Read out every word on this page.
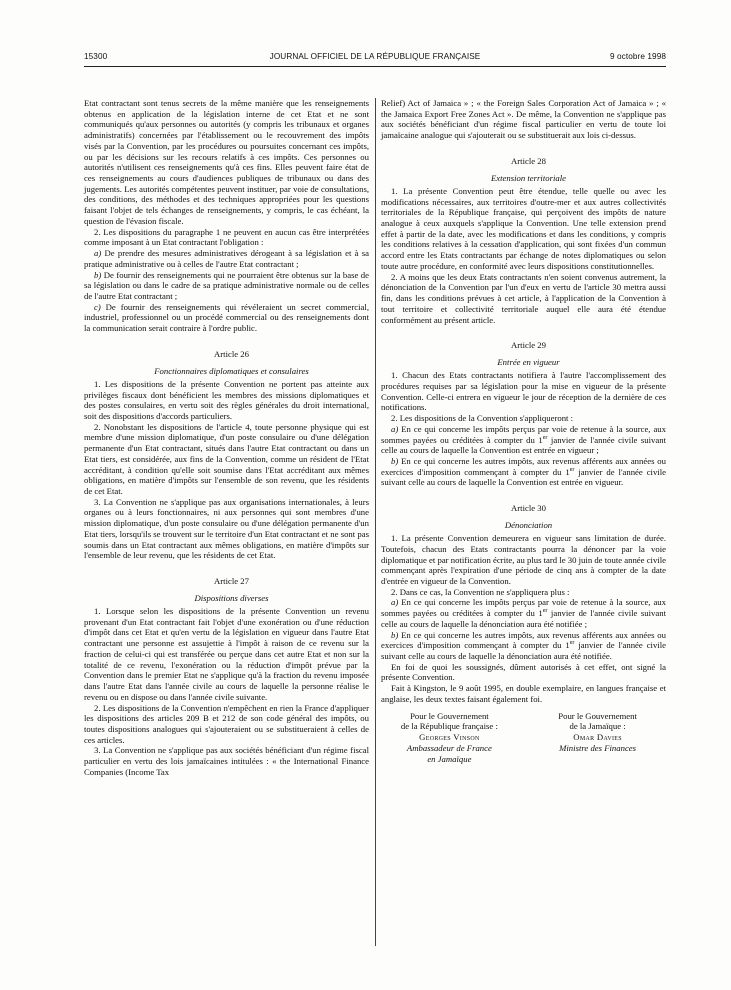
15300	JOURNAL OFFICIEL DE LA RÉPUBLIQUE FRANÇAISE	9 octobre 1998

Etat contractant sont tenus secrets de la même manière que les renseignements obtenus en application de la législation interne de cet Etat et ne sont communiqués qu'aux personnes ou autorités (y compris les tribunaux et organes administratifs) concernées par l'établissement ou le recouvrement des impôts visés par la Convention, par les procédures ou poursuites concernant ces impôts, ou par les décisions sur les recours relatifs à ces impôts. Ces personnes ou autorités n'utilisent ces renseignements qu'à ces fins. Elles peuvent faire état de ces renseignements au cours d'audiences publiques de tribunaux ou dans des jugements. Les autorités compétentes peuvent instituer, par voie de consultations, des conditions, des méthodes et des techniques appropriées pour les questions faisant l'objet de tels échanges de renseignements, y compris, le cas échéant, la question de l'évasion fiscale.

2. Les dispositions du paragraphe 1 ne peuvent en aucun cas être interprétées comme imposant à un Etat contractant l'obligation :

a) De prendre des mesures administratives dérogeant à sa législation et à sa pratique administrative ou à celles de l'autre Etat contractant ;

b) De fournir des renseignements qui ne pourraient être obtenus sur la base de sa législation ou dans le cadre de sa pratique administrative normale ou de celles de l'autre Etat contractant ;

c) De fournir des renseignements qui révéleraient un secret commercial, industriel, professionnel ou un procédé commercial ou des renseignements dont la communication serait contraire à l'ordre public.

Article 26

Fonctionnaires diplomatiques et consulaires

1. Les dispositions de la présente Convention ne portent pas atteinte aux privilèges fiscaux dont bénéficient les membres des missions diplomatiques et des postes consulaires, en vertu soit des règles générales du droit international, soit des dispositions d'accords particuliers.

2. Nonobstant les dispositions de l'article 4, toute personne physique qui est membre d'une mission diplomatique, d'un poste consulaire ou d'une délégation permanente d'un Etat contractant, situés dans l'autre Etat contractant ou dans un Etat tiers, est considérée, aux fins de la Convention, comme un résident de l'Etat accréditant, à condition qu'elle soit soumise dans l'Etat accréditant aux mêmes obligations, en matière d'impôts sur l'ensemble de son revenu, que les résidents de cet Etat.

3. La Convention ne s'applique pas aux organisations internationales, à leurs organes ou à leurs fonctionnaires, ni aux personnes qui sont membres d'une mission diplomatique, d'un poste consulaire ou d'une délégation permanente d'un Etat tiers, lorsqu'ils se trouvent sur le territoire d'un Etat contractant et ne sont pas soumis dans un Etat contractant aux mêmes obligations, en matière d'impôts sur l'ensemble de leur revenu, que les résidents de cet Etat.

Article 27

Dispositions diverses

1. Lorsque selon les dispositions de la présente Convention un revenu provenant d'un Etat contractant fait l'objet d'une exonération ou d'une réduction d'impôt dans cet Etat et qu'en vertu de la législation en vigueur dans l'autre Etat contractant une personne est assujettie à l'impôt à raison de ce revenu sur la fraction de celui-ci qui est transférée ou perçue dans cet autre Etat et non sur la totalité de ce revenu, l'exonération ou la réduction d'impôt prévue par la Convention dans le premier Etat ne s'applique qu'à la fraction du revenu imposée dans l'autre Etat dans l'année civile au cours de laquelle la personne réalise le revenu ou en dispose ou dans l'année civile suivante.

2. Les dispositions de la Convention n'empêchent en rien la France d'appliquer les dispositions des articles 209 B et 212 de son code général des impôts, ou toutes dispositions analogues qui s'ajouteraient ou se substitueraient à celles de ces articles.

3. La Convention ne s'applique pas aux sociétés bénéficiant d'un régime fiscal particulier en vertu des lois jamaïcaines intitulées : « the International Finance Companies (Income Tax

Relief) Act of Jamaica » ; « the Foreign Sales Corporation Act of Jamaica » ; « the Jamaica Export Free Zones Act ». De même, la Convention ne s'applique pas aux sociétés bénéficiant d'un régime fiscal particulier en vertu de toute loi jamaïcaine analogue qui s'ajouterait ou se substituerait aux lois ci-dessus.

Article 28

Extension territoriale

1. La présente Convention peut être étendue, telle quelle ou avec les modifications nécessaires, aux territoires d'outre-mer et aux autres collectivités territoriales de la République française, qui perçoivent des impôts de nature analogue à ceux auxquels s'applique la Convention. Une telle extension prend effet à partir de la date, avec les modifications et dans les conditions, y compris les conditions relatives à la cessation d'application, qui sont fixées d'un commun accord entre les Etats contractants par échange de notes diplomatiques ou selon toute autre procédure, en conformité avec leurs dispositions constitutionnelles.

2. A moins que les deux Etats contractants n'en soient convenus autrement, la dénonciation de la Convention par l'un d'eux en vertu de l'article 30 mettra aussi fin, dans les conditions prévues à cet article, à l'application de la Convention à tout territoire et collectivité territoriale auquel elle aura été étendue conformément au présent article.

Article 29

Entrée en vigueur

1. Chacun des Etats contractants notifiera à l'autre l'accomplissement des procédures requises par sa législation pour la mise en vigueur de la présente Convention. Celle-ci entrera en vigueur le jour de réception de la dernière de ces notifications.

2. Les dispositions de la Convention s'appliqueront :

a) En ce qui concerne les impôts perçus par voie de retenue à la source, aux sommes payées ou créditées à compter du 1er janvier de l'année civile suivant celle au cours de laquelle la Convention est entrée en vigueur ;

b) En ce qui concerne les autres impôts, aux revenus afférents aux années ou exercices d'imposition commençant à compter du 1er janvier de l'année civile suivant celle au cours de laquelle la Convention est entrée en vigueur.

Article 30

Dénonciation

1. La présente Convention demeurera en vigueur sans limitation de durée. Toutefois, chacun des Etats contractants pourra la dénoncer par la voie diplomatique et par notification écrite, au plus tard le 30 juin de toute année civile commençant après l'expiration d'une période de cinq ans à compter de la date d'entrée en vigueur de la Convention.

2. Dans ce cas, la Convention ne s'appliquera plus :

a) En ce qui concerne les impôts perçus par voie de retenue à la source, aux sommes payées ou créditées à compter du 1er janvier de l'année civile suivant celle au cours de laquelle la dénonciation aura été notifiée ;

b) En ce qui concerne les autres impôts, aux revenus afférents aux années ou exercices d'imposition commençant à compter du 1er janvier de l'année civile suivant celle au cours de laquelle la dénonciation aura été notifiée.

En foi de quoi les soussignés, dûment autorisés à cet effet, ont signé la présente Convention.

Fait à Kingston, le 9 août 1995, en double exemplaire, en langues française et anglaise, les deux textes faisant également foi.

Pour le Gouvernement
de la République française :
Georges Vinson
Ambassadeur de France
en Jamaïque
Pour le Gouvernement
de la Jamaïque :
Omar Davies
Ministre des Finances
